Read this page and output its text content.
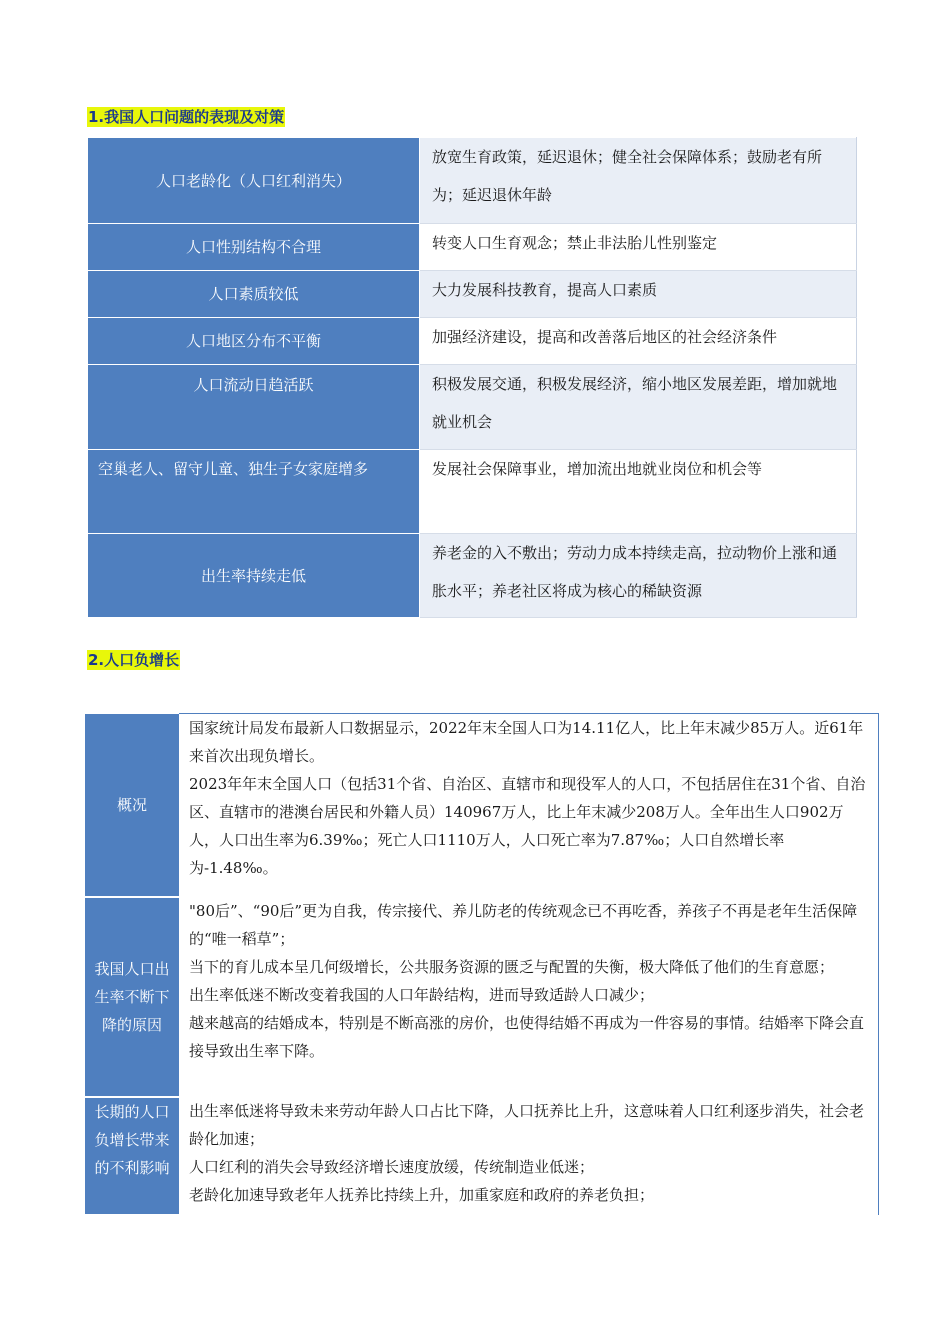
1.我国人口问题的表现及对策
人口老龄化（人口红利消失）	放宽生育政策，延迟退休；健全社会保障体系；鼓励老有所为；延迟退休年龄
人口性别结构不合理	转变人口生育观念；禁止非法胎儿性别鉴定
人口素质较低	大力发展科技教育，提高人口素质
人口地区分布不平衡	加强经济建设，提高和改善落后地区的社会经济条件
人口流动日趋活跃	积极发展交通，积极发展经济，缩小地区发展差距，增加就地就业机会
空巢老人、留守儿童、独生子女家庭增多	发展社会保障事业，增加流出地就业岗位和机会等
出生率持续走低	养老金的入不敷出；劳动力成本持续走高，拉动物价上涨和通胀水平；养老社区将成为核心的稀缺资源
2.人口负增长
概况	国家统计局发布最新人口数据显示，2022年末全国人口为14.11亿人，比上年末减少85万人。近61年来首次出现负增长。
2023年年末全国人口（包括31个省、自治区、直辖市和现役军人的人口，不包括居住在31个省、自治区、直辖市的港澳台居民和外籍人员）140967万人，比上年末减少208万人。全年出生人口902万人，人口出生率为6.39‰；死亡人口1110万人，人口死亡率为7.87‰；人口自然增长率为-1.48‰。

我国人口出生率不断下降的原因	"80后”、“90后”更为自我，传宗接代、养儿防老的传统观念已不再吃香，养孩子不再是老年生活保障的“唯一稻草”；
当下的育儿成本呈几何级增长，公共服务资源的匮乏与配置的失衡，极大降低了他们的生育意愿；
出生率低迷不断改变着我国的人口年龄结构，进而导致适龄人口减少；
越来越高的结婚成本，特别是不断高涨的房价，也使得结婚不再成为一件容易的事情。结婚率下降会直接导致出生率下降。

长期的人口负增长带来的不利影响	出生率低迷将导致未来劳动年龄人口占比下降，人口抚养比上升，这意味着人口红利逐步消失，社会老龄化加速；
人口红利的消失会导致经济增长速度放缓，传统制造业低迷；
老龄化加速导致老年人抚养比持续上升，加重家庭和政府的养老负担；
